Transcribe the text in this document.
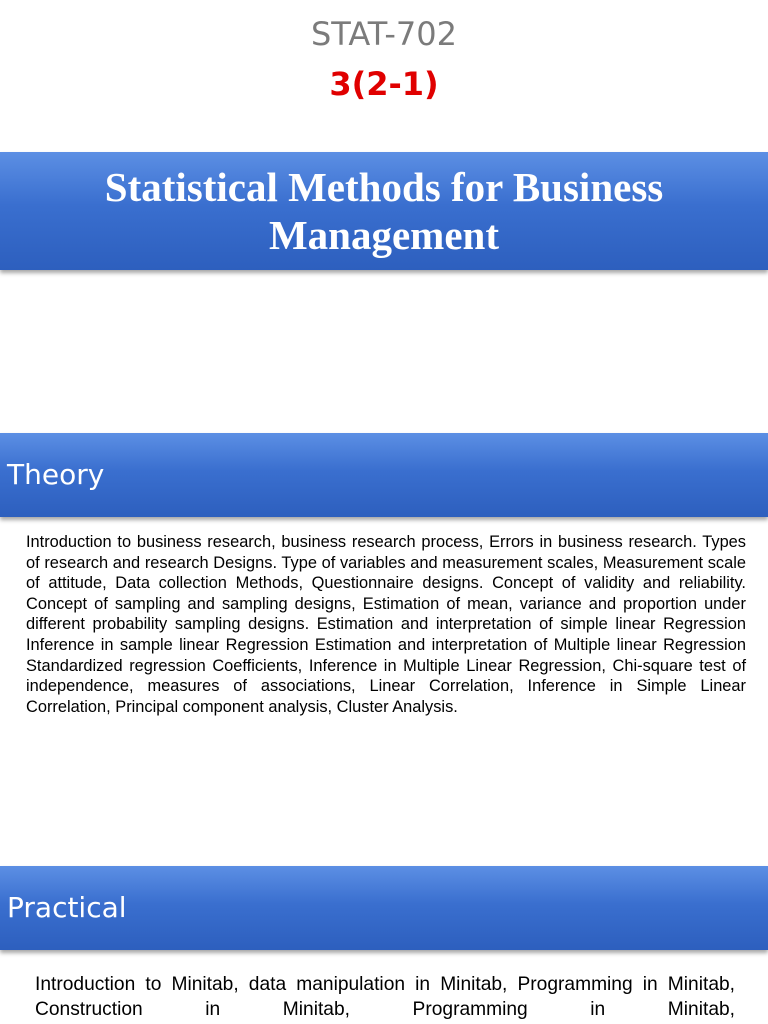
STAT-702
3(2-1)
Statistical Methods for Business Management
Theory
Introduction to business research, business research process, Errors in business research. Types of research and research Designs. Type of variables and measurement scales, Measurement scale of attitude, Data collection Methods, Questionnaire designs. Concept of validity and reliability. Concept of sampling and sampling designs, Estimation of mean, variance and proportion under different probability sampling designs. Estimation and interpretation of simple linear Regression Inference in sample linear Regression Estimation and interpretation of Multiple linear Regression Standardized regression Coefficients, Inference in Multiple Linear Regression, Chi-square test of independence, measures of associations, Linear Correlation, Inference in Simple Linear Correlation, Principal component analysis, Cluster Analysis.
Practical
Introduction to Minitab, data manipulation in Minitab, Programming in Minitab, Construction in Minitab, Programming in Minitab,
